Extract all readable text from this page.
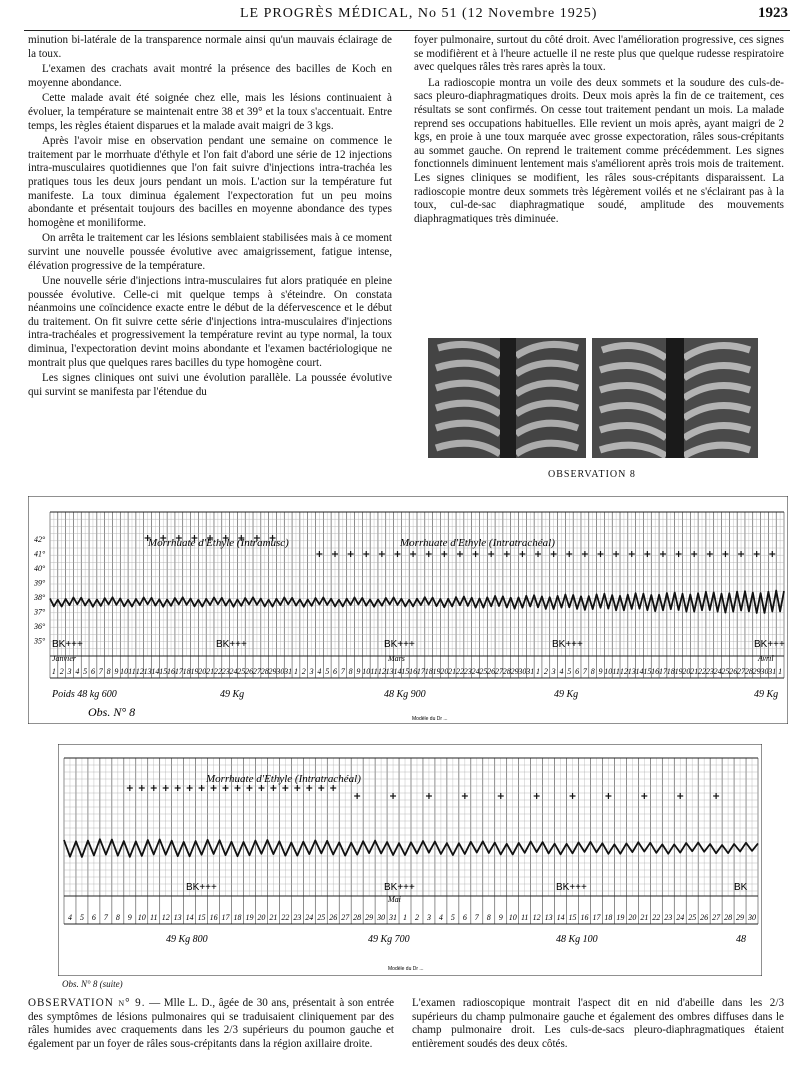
LE PROGRÈS MÉDICAL, No 51 (12 Novembre 1925)	1923

minution bi-latérale de la transparence normale ainsi qu'un mauvais éclairage de la toux.

L'examen des crachats avait montré la présence des bacilles de Koch en moyenne abondance.

Cette malade avait été soignée chez elle, mais les lésions continuaient à évoluer, la température se maintenait entre 38 et 39° et la toux s'accentuait. Entre temps, les règles étaient disparues et la malade avait maigri de 3 kgs.

Après l'avoir mise en observation pendant une semaine on commence le traitement par le morrhuate d'éthyle et l'on fait d'abord une série de 12 injections intra-musculaires quotidiennes que l'on fait suivre d'injections intra-trachéa les pratiques tous les deux jours pendant un mois. L'action sur la température fut manifeste. La toux diminua également l'expectoration fut un peu moins abondante et présentait toujours des bacilles en moyenne abondance des types homogène et moniliforme.

On arrêta le traitement car les lésions semblaient stabilisées mais à ce moment survint une nouvelle poussée évolutive avec amaigrissement, fatigue intense, élévation progressive de la température.

Une nouvelle série d'injections intra-musculaires fut alors pratiquée en pleine poussée évolutive. Celle-ci mit quelque temps à s'éteindre. On constata néanmoins une coïncidence exacte entre le début de la défervescence et le début du traitement. On fit suivre cette série d'injections intra-musculaires d'injections intra-trachéales et progressivement la température revint au type normal, la toux diminua, l'expectoration devint moins abondante et l'examen bactériologique ne montrait plus que quelques rares bacilles du type homogène court.

Les signes cliniques ont suivi une évolution parallèle. La poussée évolutive qui survint se manifesta par l'étendue du

foyer pulmonaire, surtout du côté droit. Avec l'amélioration progressive, ces signes se modifièrent et à l'heure actuelle il ne reste plus que quelque rudesse respiratoire avec quelques râles très rares après la toux.

La radioscopie montra un voile des deux sommets et la soudure des culs-de-sacs pleuro-diaphragmatiques droits. Deux mois après la fin de ce traitement, ces résultats se sont confirmés. On cesse tout traitement pendant un mois. La malade reprend ses occupations habituelles. Elle revient un mois après, ayant maigri de 2 kgs, en proie à une toux marquée avec grosse expectoration, râles sous-crépitants au sommet gauche. On reprend le traitement comme précédemment. Les signes fonctionnels diminuent lentement mais s'améliorent après trois mois de traitement. Les signes cliniques se modifient, les râles sous-crépitants disparaissent. La radioscopie montre deux sommets très légèrement voilés et ne s'éclairant pas à la toux, cul-de-sac diaphragmatique soudé, amplitude des mouvements diaphragmatiques très diminuée.

OBSERVATION 8
42°
41°
40°
39°
38°
37°
36°
35°
1 2 3 4 5 6 7 8 9 10 11 12 13 14 15 16 17 18 19 20 21 22 23 24 25 26 27 28 29 30 31 1 2 3 4 5 6 7 8 9 10 11 12 13 14 15 16 17 18 19 20 21 22 23 24 25 26 27 28 29 30 31 1 2 3 4 5 6 7 8 9 10 11 12 13 14 15 16 17 18 19 20 21 22 23 24 25 26 27 28 29 30 31 1
Morrhuate d'Ethyle (Intramusc)	Morrhuate d'Ethyle (Intratrachéal)
BK+++	BK+++	BK+++	BK+++	BK+++
Janvier	Mars	Avril
Poids 48 kg 600	49 Kg	48 Kg 900	49 Kg	49 Kg
Obs. N° 8	Modèle du Dr ...
4 5 6 7 8 9 10 11 12 13 14 15 16 17 18 19 20 21 22 23 24 25 26 27 28 29 30 31 1 2 3 4 5 6 7 8 9 10 11 12 13 14 15 16 17 18 19 20 21 22 23 24 25 26 27 28 29 30
Morrhuate d'Ethyle (Intratrachéal)
BK+++	BK+++	BK+++	BK
Mai
49 Kg 800	49 Kg 700	48 Kg 100	48
Modèle du Dr ...
Obs. N° 8 (suite)
OBSERVATION n° 9. — Mlle L. D., âgée de 30 ans, présentait à son entrée des symptômes de lésions pulmonaires qui se traduisaient cliniquement par des râles humides avec craquements dans les 2/3 supérieurs du poumon gauche et également par un foyer de râles sous-crépitants dans la région axillaire droite.
L'examen radioscopique montrait l'aspect dit en nid d'abeille dans les 2/3 supérieurs du champ pulmonaire gauche et également des ombres diffuses dans le champ pulmonaire droit. Les culs-de-sacs pleuro-diaphragmatiques étaient entièrement soudés des deux côtés.
